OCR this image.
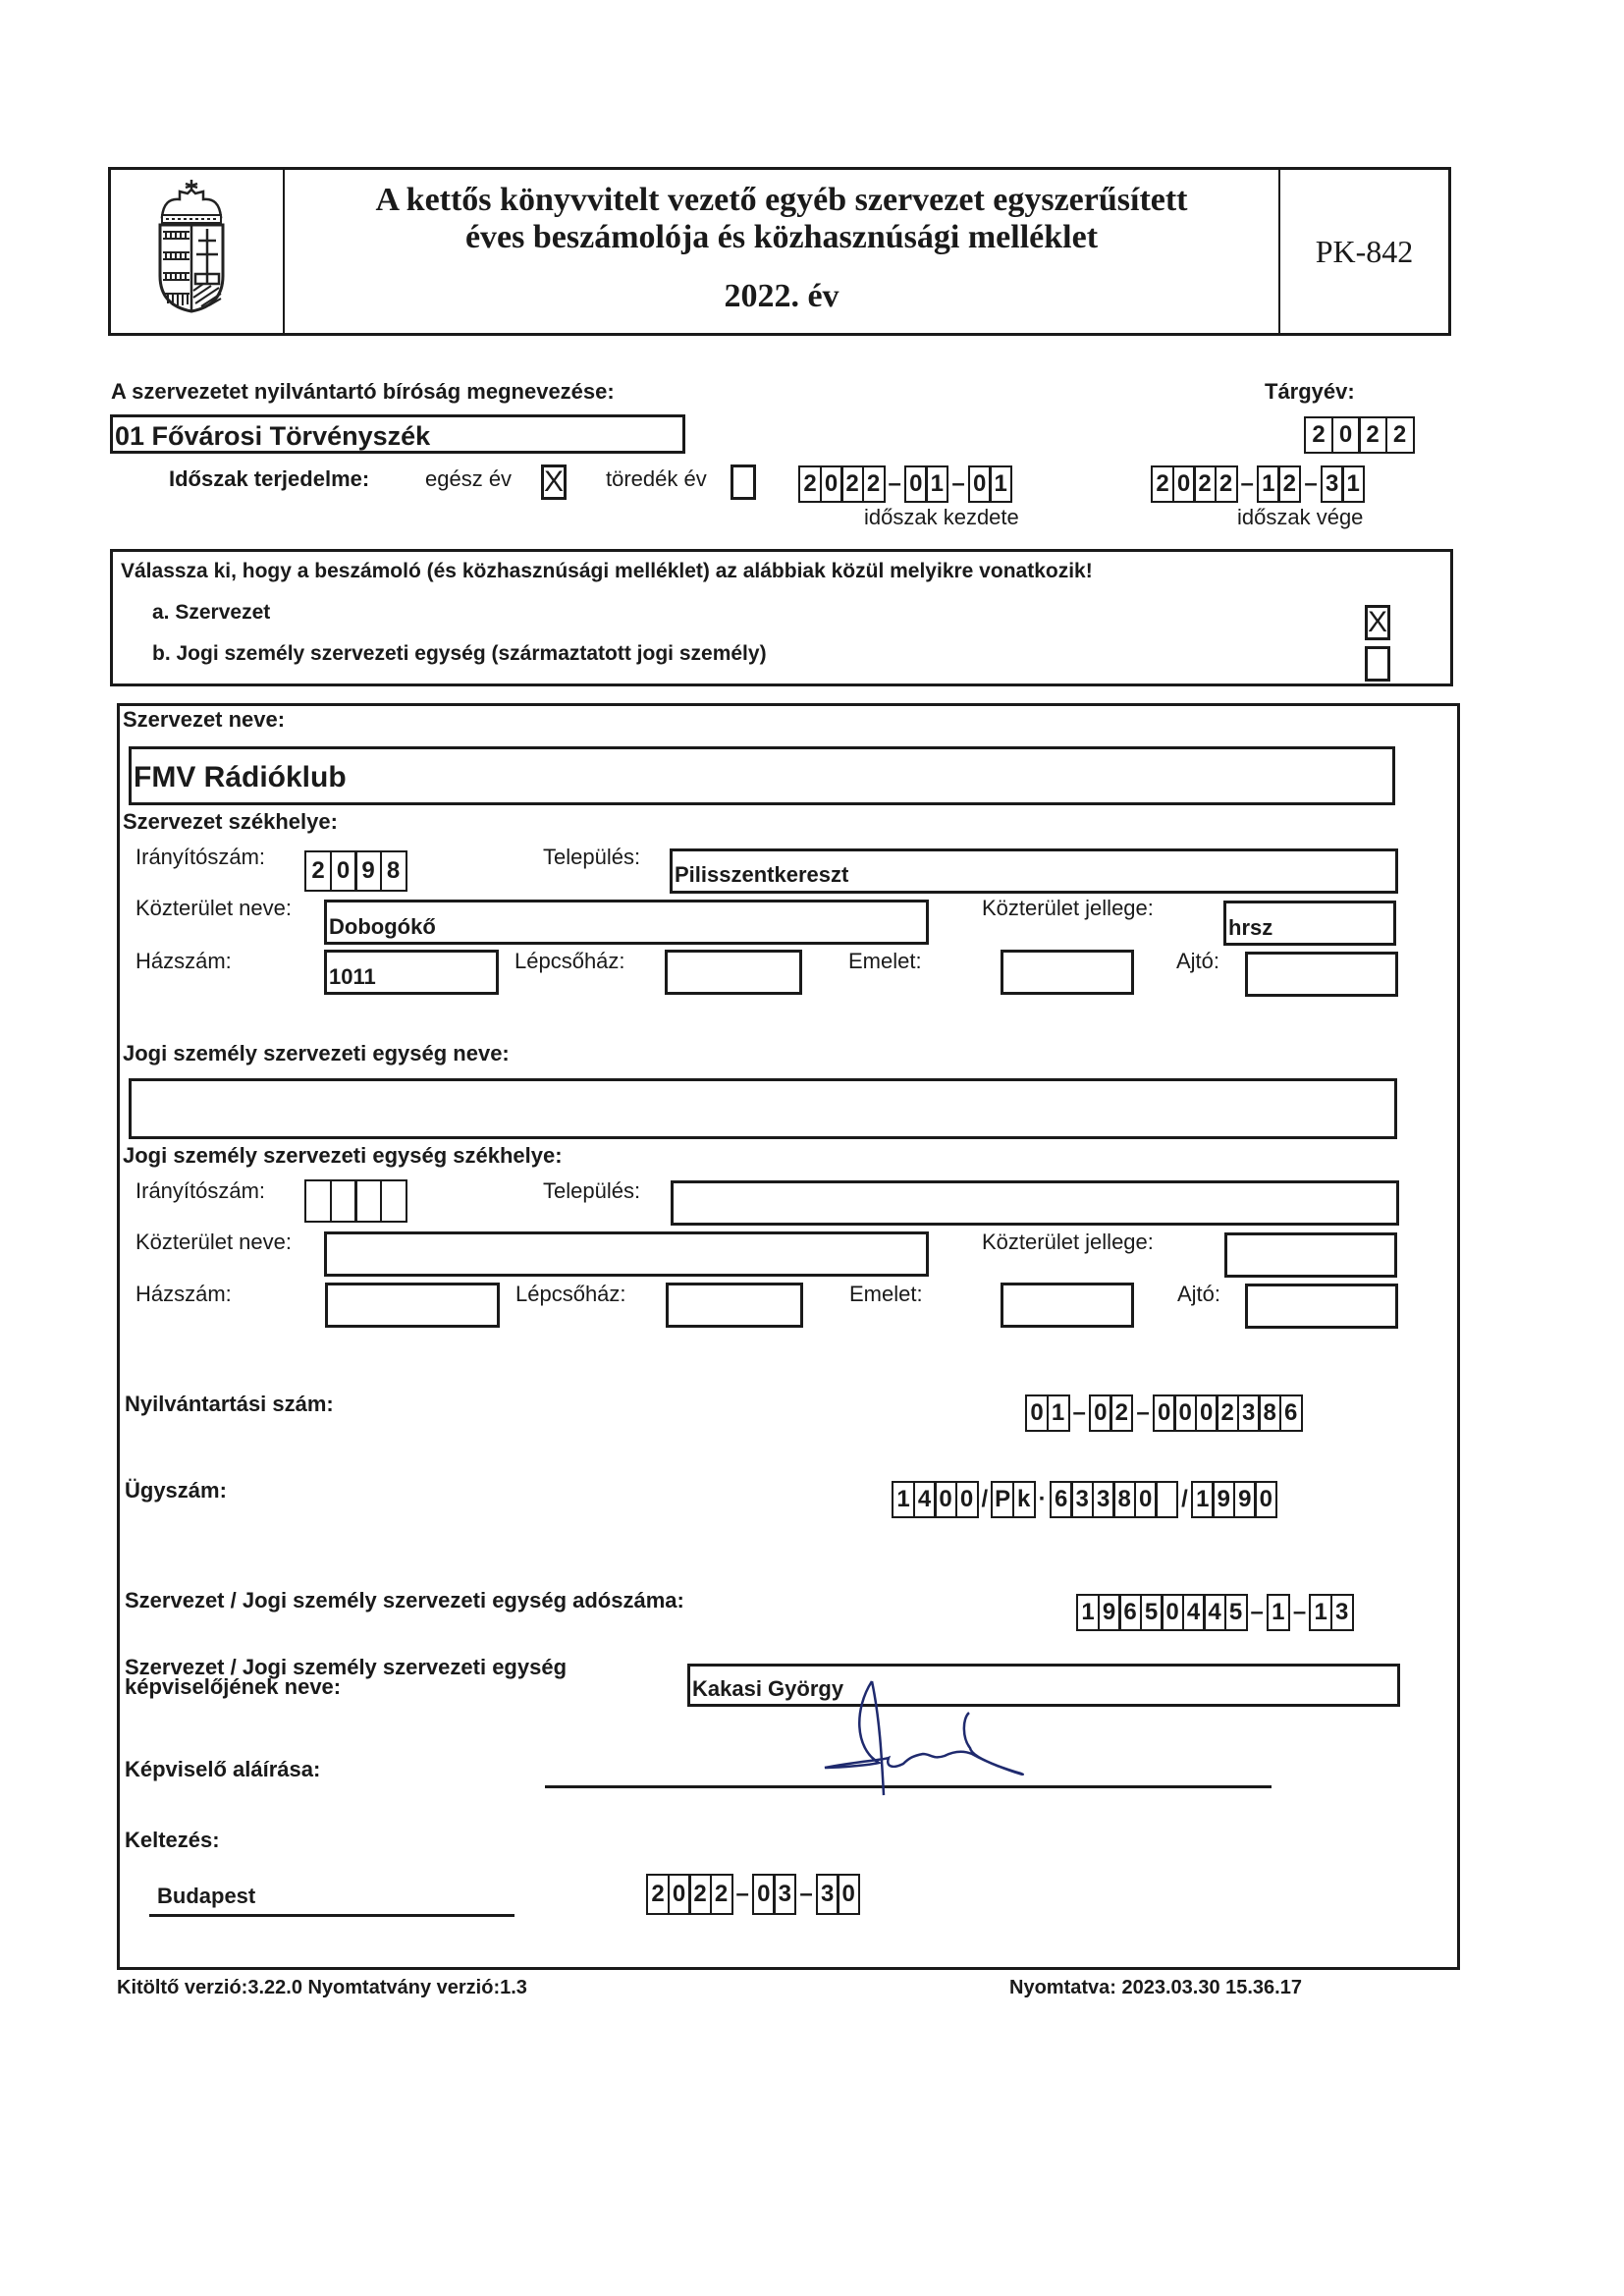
A kettős könyvvitelt vezető egyéb szervezet egyszerűsített
éves beszámolója és közhasznúsági melléklet
2022. év
PK-842
A szervezetet nyilvántartó bíróság megnevezése:	Tárgyév:
01 Fővárosi Törvényszék	2 0 2 2
Időszak terjedelme:	egész év X töredék év	2 0 2 2 – 0 1 – 0 1
időszak kezdete
2 0 2 2 – 1 2 – 3 1
időszak vége
Válassza ki, hogy a beszámoló (és közhasznúsági melléklet) az alábbiak közül melyikre vonatkozik!
a. Szervezet
b. Jogi személy szervezeti egység (származtatott jogi személy)
X
Szervezet neve:
FMV Rádióklub
Szervezet székhelye:
Irányítószám:
2 0 9 8
Település:
Pilisszentkereszt
Közterület neve:
Dobogókő
Közterület jellege:
hrsz
Házszám:
1011
Lépcsőház:	Emelet:	Ajtó:
Jogi személy szervezeti egység neve:
Jogi személy szervezeti egység székhelye:
Irányítószám:	Település:
Közterület neve:	Közterület jellege:
Házszám:	Lépcsőház:	Emelet:	Ajtó:
Nyilvántartási szám:	0 1 – 0 2 – 0 0 0 2 3 8 6
Ügyszám:	1 4 0 0 / P k · 6 3 3 8 0 / 1 9 9 0
Szervezet / Jogi személy szervezeti egység adószáma:	1 9 6 5 0 4 4 5 – 1 – 1 3
Szervezet / Jogi személy szervezeti egység
képviselőjének neve:	Kakasi György
Képviselő aláírása:
Keltezés:
Budapest	2 0 2 2 – 0 3 – 3 0
Kitöltő verzió:3.22.0 Nyomtatvány verzió:1.3	Nyomtatva: 2023.03.30 15.36.17
